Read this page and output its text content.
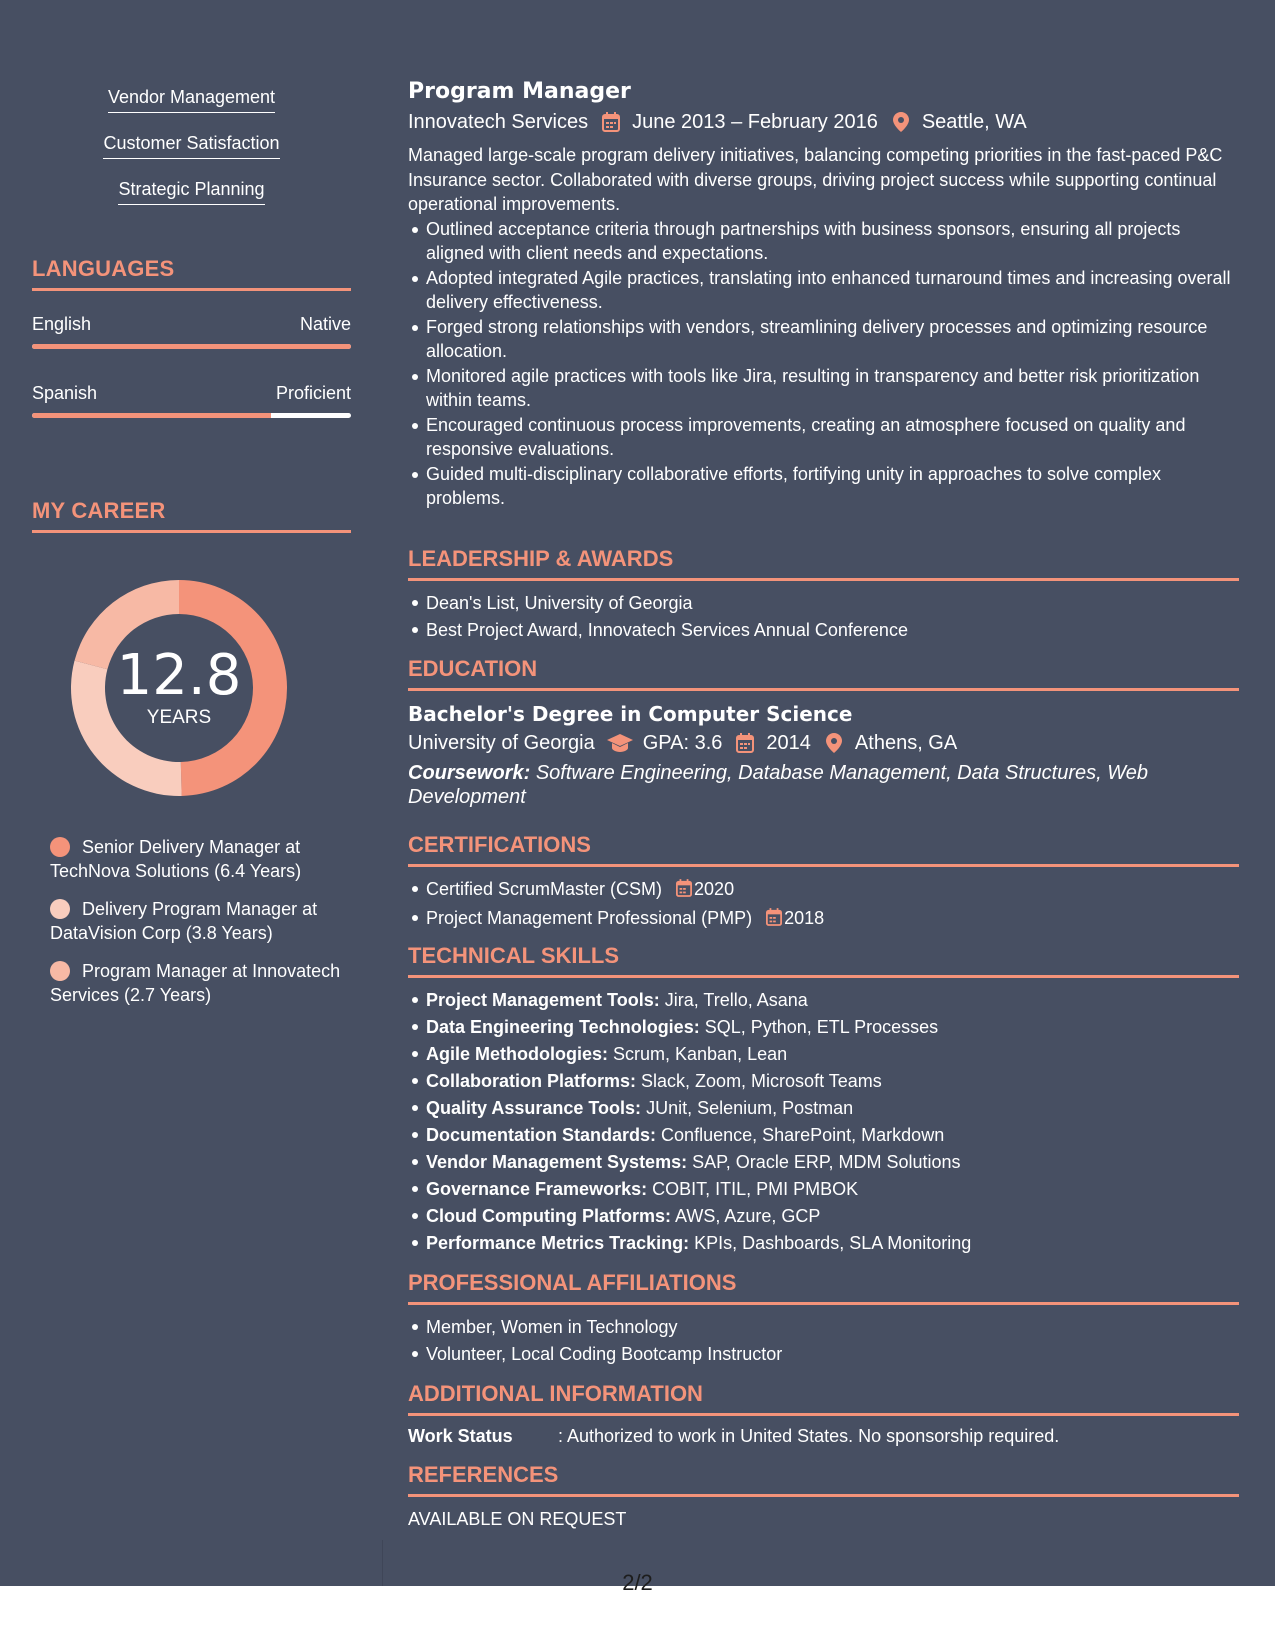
Vendor Management
Customer Satisfaction
Strategic Planning
LANGUAGES
English	Native
Spanish	Proficient
MY CAREER
12.8
YEARS
Senior Delivery Manager at TechNova Solutions (6.4 Years)
Delivery Program Manager at DataVision Corp (3.8 Years)
Program Manager at Innovatech Services (2.7 Years)
Program Manager
Innovatech Services June 2013 – February 2016 Seattle, WA
Managed large-scale program delivery initiatives, balancing competing priorities in the fast-paced P&C Insurance sector. Collaborated with diverse groups, driving project success while supporting continual operational improvements.
Outlined acceptance criteria through partnerships with business sponsors, ensuring all projects aligned with client needs and expectations.
Adopted integrated Agile practices, translating into enhanced turnaround times and increasing overall delivery effectiveness.
Forged strong relationships with vendors, streamlining delivery processes and optimizing resource allocation.
Monitored agile practices with tools like Jira, resulting in transparency and better risk prioritization within teams.
Encouraged continuous process improvements, creating an atmosphere focused on quality and responsive evaluations.
Guided multi-disciplinary collaborative efforts, fortifying unity in approaches to solve complex problems.
LEADERSHIP & AWARDS
Dean's List, University of Georgia
Best Project Award, Innovatech Services Annual Conference
EDUCATION
Bachelor's Degree in Computer Science
University of Georgia GPA: 3.6 2014 Athens, GA
Coursework: Software Engineering, Database Management, Data Structures, Web Development
CERTIFICATIONS
Certified ScrumMaster (CSM) 2020
Project Management Professional (PMP) 2018
TECHNICAL SKILLS
Project Management Tools: Jira, Trello, Asana
Data Engineering Technologies: SQL, Python, ETL Processes
Agile Methodologies: Scrum, Kanban, Lean
Collaboration Platforms: Slack, Zoom, Microsoft Teams
Quality Assurance Tools: JUnit, Selenium, Postman
Documentation Standards: Confluence, SharePoint, Markdown
Vendor Management Systems: SAP, Oracle ERP, MDM Solutions
Governance Frameworks: COBIT, ITIL, PMI PMBOK
Cloud Computing Platforms: AWS, Azure, GCP
Performance Metrics Tracking: KPIs, Dashboards, SLA Monitoring
PROFESSIONAL AFFILIATIONS
Member, Women in Technology
Volunteer, Local Coding Bootcamp Instructor
ADDITIONAL INFORMATION
Work Status	: Authorized to work in United States. No sponsorship required.
REFERENCES
AVAILABLE ON REQUEST
2/2
